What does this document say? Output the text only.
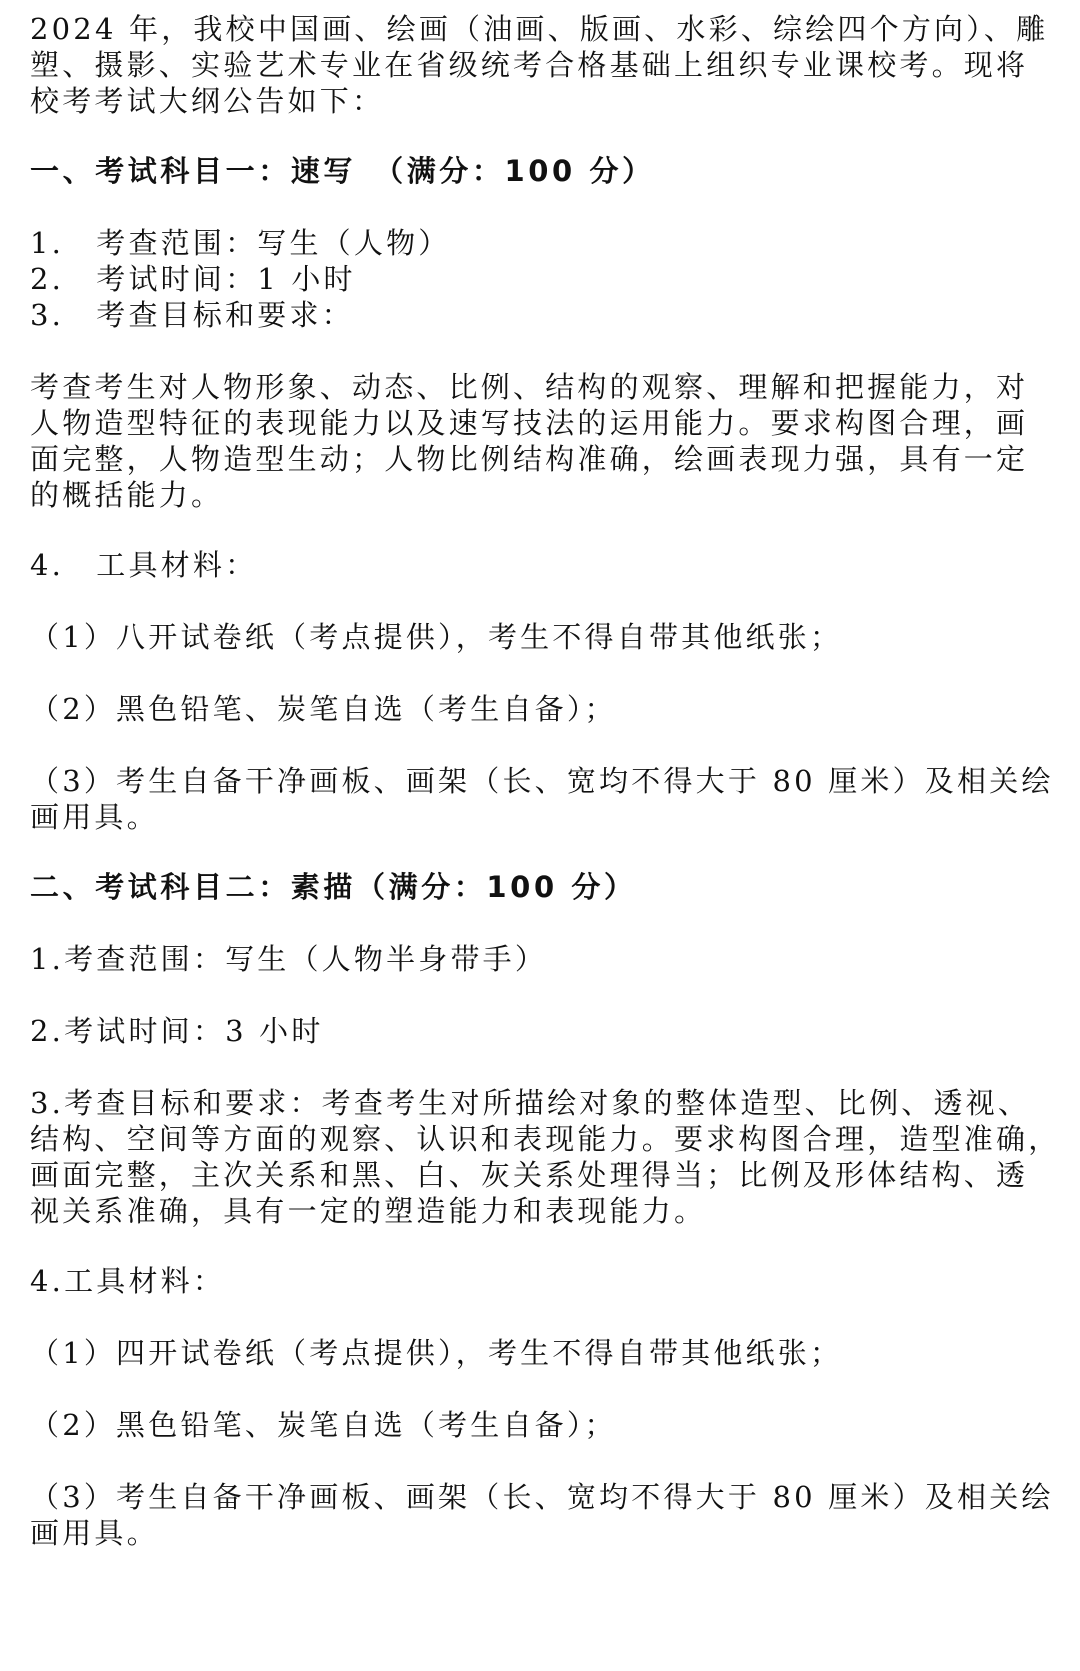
2024 年，我校中国画、绘画（油画、版画、水彩、综绘四个方向）、雕
塑、摄影、实验艺术专业在省级统考合格基础上组织专业课校考。现将
校考考试大纲公告如下：
一、考试科目一：速写　（满分：100 分）
1.　考查范围：写生（人物）
2.　考试时间：1 小时
3.　考查目标和要求：
考查考生对人物形象、动态、比例、结构的观察、理解和把握能力，对
人物造型特征的表现能力以及速写技法的运用能力。要求构图合理，画
面完整，人物造型生动；人物比例结构准确，绘画表现力强，具有一定
的概括能力。
4.　工具材料：
（1）八开试卷纸（考点提供），考生不得自带其他纸张；
（2）黑色铅笔、炭笔自选（考生自备）；
（3）考生自备干净画板、画架（长、宽均不得大于 80 厘米）及相关绘
画用具。
二、考试科目二：素描（满分：100 分）
1.考查范围：写生（人物半身带手）
2.考试时间：3 小时
3.考查目标和要求：考查考生对所描绘对象的整体造型、比例、透视、
结构、空间等方面的观察、认识和表现能力。要求构图合理，造型准确，
画面完整，主次关系和黑、白、灰关系处理得当；比例及形体结构、透
视关系准确，具有一定的塑造能力和表现能力。
4.工具材料：
（1）四开试卷纸（考点提供），考生不得自带其他纸张；
（2）黑色铅笔、炭笔自选（考生自备）；
（3）考生自备干净画板、画架（长、宽均不得大于 80 厘米）及相关绘
画用具。
